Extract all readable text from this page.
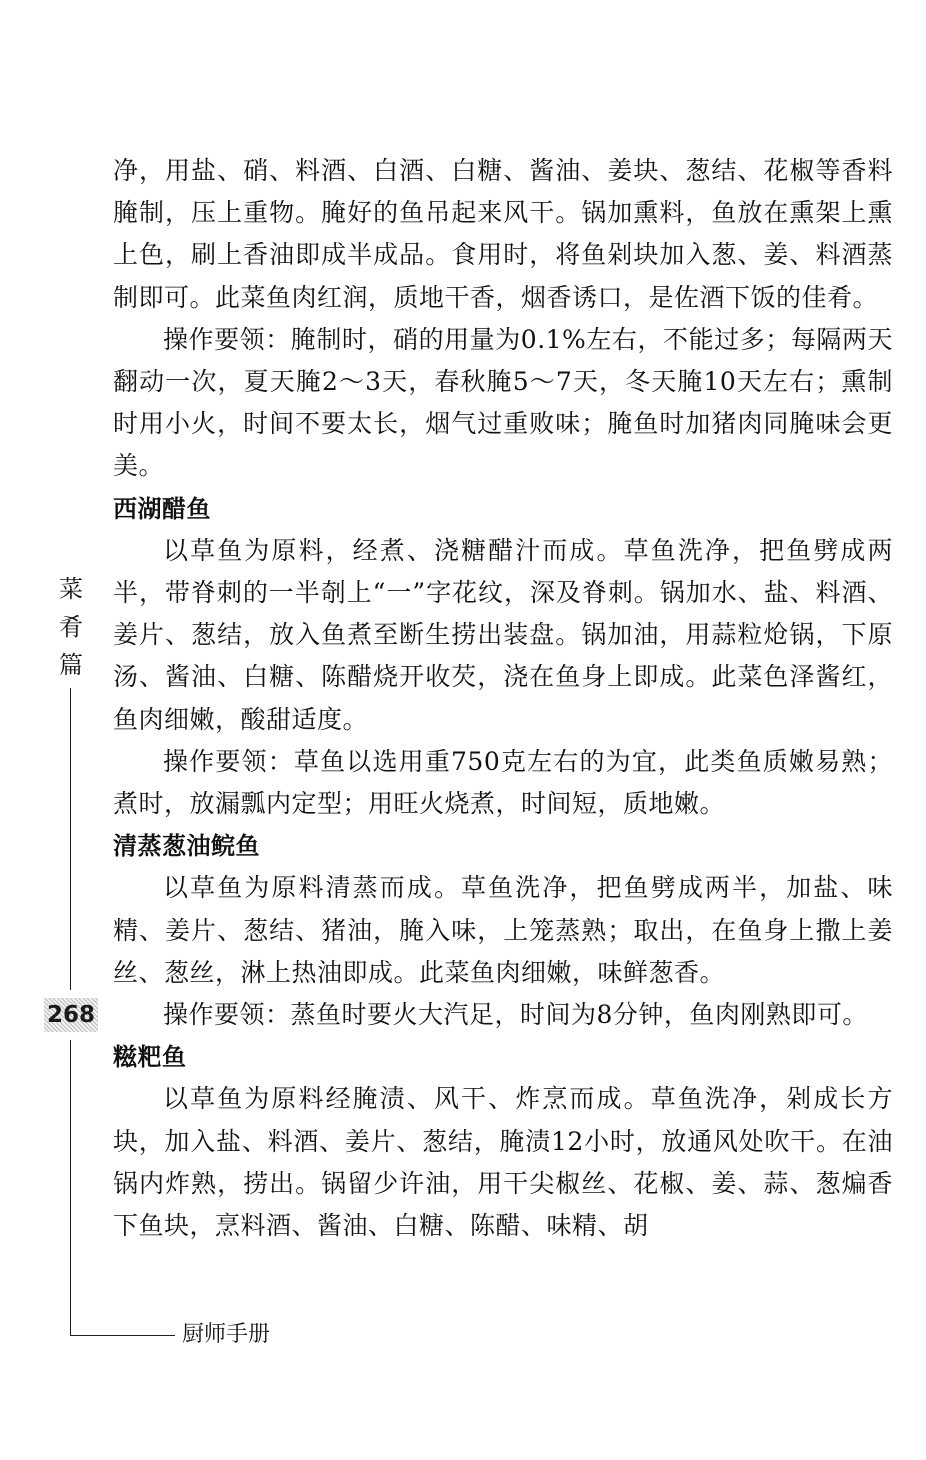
净，用盐、硝、料酒、白酒、白糖、酱油、姜块、葱结、花椒等香料腌制，压上重物。腌好的鱼吊起来风干。锅加熏料，鱼放在熏架上熏上色，刷上香油即成半成品。食用时，将鱼剁块加入葱、姜、料酒蒸制即可。此菜鱼肉红润，质地干香，烟香诱口，是佐酒下饭的佳肴。

操作要领：腌制时，硝的用量为0.1%左右，不能过多；每隔两天翻动一次，夏天腌2～3天，春秋腌5～7天，冬天腌10天左右；熏制时用小火，时间不要太长，烟气过重败味；腌鱼时加猪肉同腌味会更美。

西湖醋鱼

以草鱼为原料，经煮、浇糖醋汁而成。草鱼洗净，把鱼劈成两半，带脊刺的一半剞上“一”字花纹，深及脊刺。锅加水、盐、料酒、姜片、葱结，放入鱼煮至断生捞出装盘。锅加油，用蒜粒炝锅，下原汤、酱油、白糖、陈醋烧开收芡，浇在鱼身上即成。此菜色泽酱红，鱼肉细嫩，酸甜适度。

操作要领：草鱼以选用重750克左右的为宜，此类鱼质嫩易熟；煮时，放漏瓢内定型；用旺火烧煮，时间短，质地嫩。

清蒸葱油鲩鱼

以草鱼为原料清蒸而成。草鱼洗净，把鱼劈成两半，加盐、味精、姜片、葱结、猪油，腌入味，上笼蒸熟；取出，在鱼身上撒上姜丝、葱丝，淋上热油即成。此菜鱼肉细嫩，味鲜葱香。

操作要领：蒸鱼时要火大汽足，时间为8分钟，鱼肉刚熟即可。

糍粑鱼

以草鱼为原料经腌渍、风干、炸烹而成。草鱼洗净，剁成长方块，加入盐、料酒、姜片、葱结，腌渍12小时，放通风处吹干。在油锅内炸熟，捞出。锅留少许油，用干尖椒丝、花椒、姜、蒜、葱煸香下鱼块，烹料酒、酱油、白糖、陈醋、味精、胡

菜
肴
篇
268
厨师手册
